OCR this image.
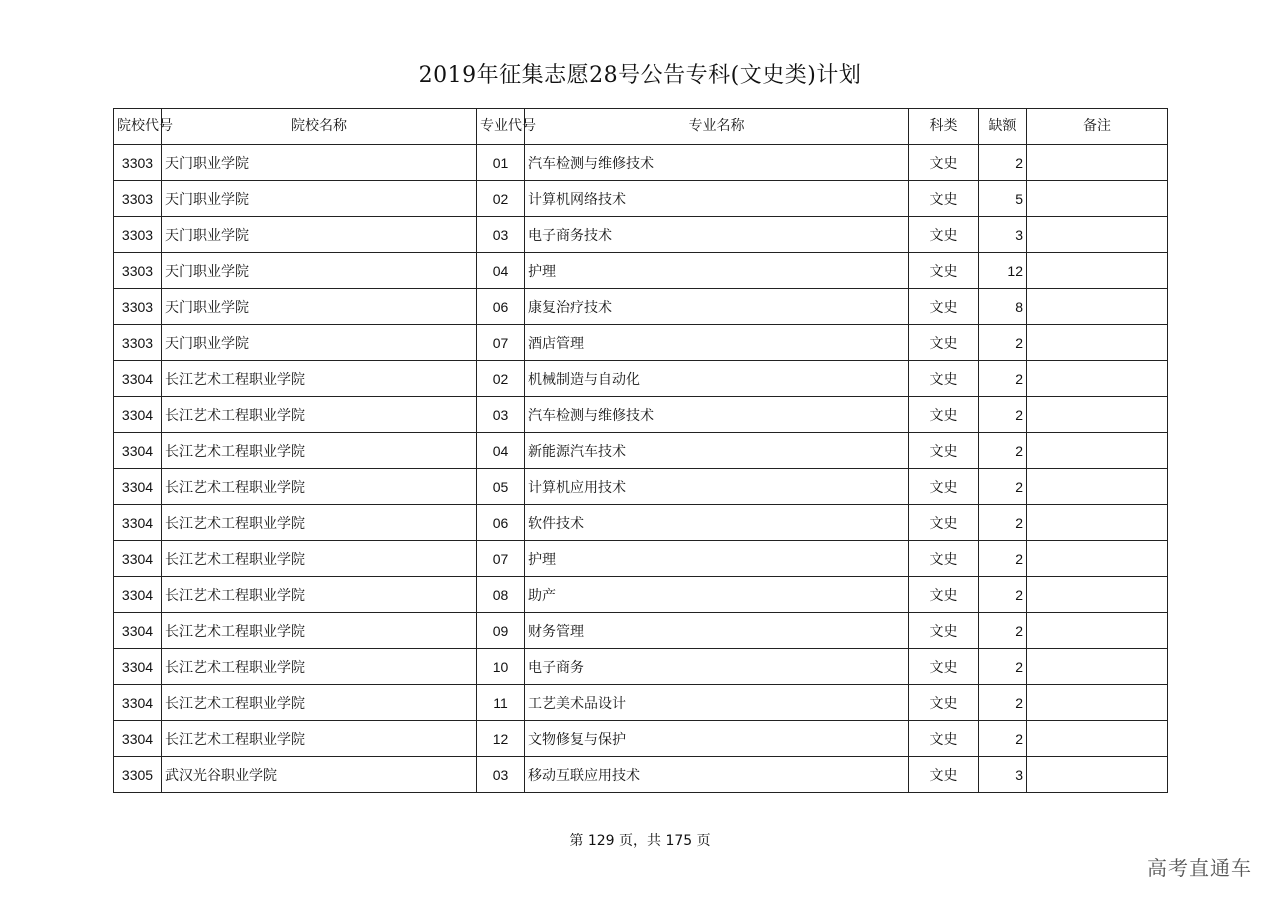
2019年征集志愿28号公告专科(文史类)计划
院校代号	院校名称	专业代号	专业名称	科类	缺额	备注
3303	天门职业学院	01	汽车检测与维修技术	文史	2	
3303	天门职业学院	02	计算机网络技术	文史	5	
3303	天门职业学院	03	电子商务技术	文史	3	
3303	天门职业学院	04	护理	文史	12	
3303	天门职业学院	06	康复治疗技术	文史	8	
3303	天门职业学院	07	酒店管理	文史	2	
3304	长江艺术工程职业学院	02	机械制造与自动化	文史	2	
3304	长江艺术工程职业学院	03	汽车检测与维修技术	文史	2	
3304	长江艺术工程职业学院	04	新能源汽车技术	文史	2	
3304	长江艺术工程职业学院	05	计算机应用技术	文史	2	
3304	长江艺术工程职业学院	06	软件技术	文史	2	
3304	长江艺术工程职业学院	07	护理	文史	2	
3304	长江艺术工程职业学院	08	助产	文史	2	
3304	长江艺术工程职业学院	09	财务管理	文史	2	
3304	长江艺术工程职业学院	10	电子商务	文史	2	
3304	长江艺术工程职业学院	11	工艺美术品设计	文史	2	
3304	长江艺术工程职业学院	12	文物修复与保护	文史	2	
3305	武汉光谷职业学院	03	移动互联应用技术	文史	3	
第 129 页，共 175 页
高考直通车
